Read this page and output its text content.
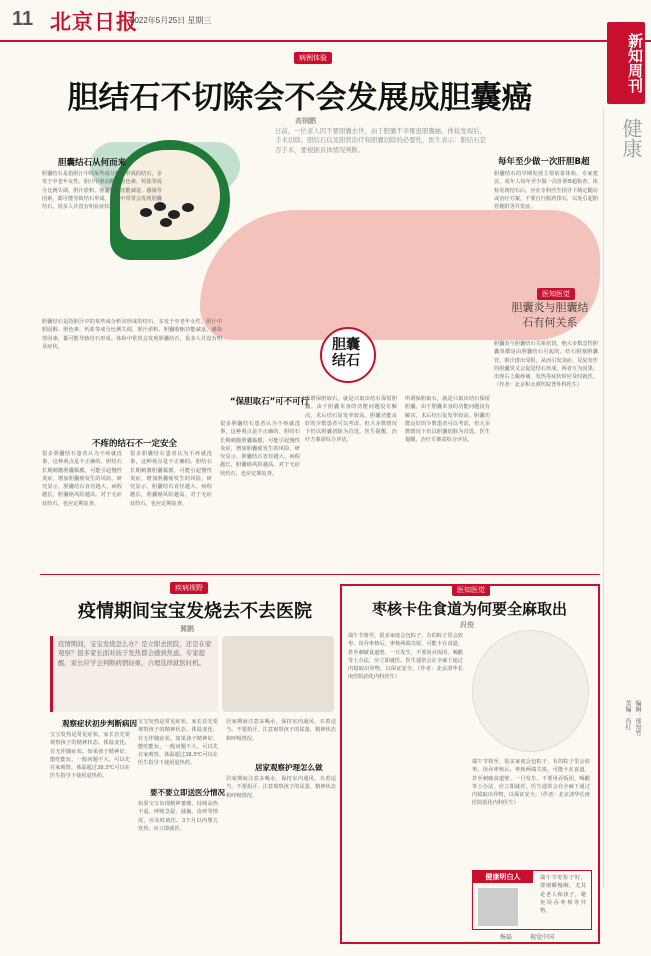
11 北京日报
2022年5月25日 星期三
新知周刊
健康
病例体验
胆结石不切除会不会发展成胆囊癌
高钢鹏
日前，一位老人因不要胆囊去世，由于胆囊不幸罹患胆囊癌，体检发现后，手术切除。胆结石以及胆管治疗和胆囊切除的必要性，医生表示：胆结石是否手术，要根据具体情况判断。
胆囊结石
胆囊结石从何而来
胆囊结石是指胆汁中的某些成分析出形成的结石，多发于中老年女性。胆汁中胆固醇、胆色素、钙盐等成分比例失调，胆汁淤积、胆囊收缩功能减退、感染等因素，都可能导致结石形成。体检中常常会发现胆囊结石，很多人并没有明显症状。
胆囊结石是指胆汁中的某些成分析出形成的结石，多发于中老年女性。胆汁中胆固醇、胆色素、钙盐等成分比例失调，胆汁淤积、胆囊收缩功能减退、感染等因素，都可能导致结石形成。体检中常常会发现胆囊结石，很多人并没有明显症状。
不疼的结石不一定安全
很多胆囊结石患者认为不疼就没事，这种观点是不正确的。胆结石长期刺激胆囊黏膜，可能引起慢性炎症，增加胆囊癌发生的风险。研究显示，胆囊结石直径越大、病程越长，胆囊癌风险越高。对于无症状结石，也应定期复查。
很多胆囊结石患者认为不疼就没事，这种观点是不正确的。胆结石长期刺激胆囊黏膜，可能引起慢性炎症，增加胆囊癌发生的风险。研究显示，胆囊结石直径越大、病程越长，胆囊癌风险越高。对于无症状结石，也应定期复查。
很多胆囊结石患者认为不疼就没事，这种观点是不正确的。胆结石长期刺激胆囊黏膜，可能引起慢性炎症，增加胆囊癌发生的风险。研究显示，胆囊结石直径越大、病程越长，胆囊癌风险越高。对于无症状结石，也应定期复查。
“保胆取石”可不可行
所谓保胆取石，就是只取出结石保留胆囊。由于胆囊本身的功能问题没有解决，术后结石复发率较高。胆囊功能良好的少数患者可以考虑，但大多数情况下仍以胆囊切除为首选。医生提醒，治疗方案需综合评估。
所谓保胆取石，就是只取出结石保留胆囊。由于胆囊本身的功能问题没有解决，术后结石复发率较高。胆囊功能良好的少数患者可以考虑，但大多数情况下仍以胆囊切除为首选。医生提醒，治疗方案需综合评估。
每年至少做一次肝胆B超
胆囊结石的早期发现主要依靠体检。专家建议，成年人每年至少做一次肝胆B超检查。体检发现结石后，应在专科医生指导下制定随访或治疗方案，不要自行服药排石，以免引起胆管梗阻等并发症。
医知医觉
胆囊炎与胆囊结石有何关系
胆囊炎与胆囊结石关系密切。绝大多数急性胆囊炎都是由胆囊结石引起的，结石阻塞胆囊管，胆汁排出受阻，从而引发炎症。反复发作的胆囊炎又会促进结石形成，两者互为因果。出现右上腹疼痛、发热等症状时应及时就医。（作者：北京积水潭医院普外科医生）
疾病视野
疫情期间宝宝发烧去不去医院
冀鹏
疫情期间，宝宝发烧怎么办？是立即去医院，还是在家观察？很多家长面对孩子发热都会感到焦虑。专家提醒，家长应学会判断病情轻重，合理选择就医时机。
观察症状初步判断病因
宝宝发热是常见症状。家长首先要观察孩子的精神状态、体温变化、有无伴随症状。如果孩子精神好、能吃能玩，一般问题不大，可以先在家观察。体温超过38.5℃可以在医生指导下使用退热药。
宝宝发热是常见症状。家长首先要观察孩子的精神状态、体温变化、有无伴随症状。如果孩子精神好、能吃能玩，一般问题不大，可以先在家观察。体温超过38.5℃可以在医生指导下使用退热药。
要不要立即送医分情况
如果宝宝出现精神萎靡、持续高热不退、呼吸急促、抽搐、皮疹等情况，应及时就医。3个月以内婴儿发热，应立即就医。
居家期间注意多喝水，保持室内通风，衣着适当，不要捂汗。注意观察孩子的尿量、精神状态和呼吸情况。
居家观察护理怎么做
居家期间注意多喝水，保持室内通风，衣着适当，不要捂汗。注意观察孩子的尿量、精神状态和呼吸情况。
医知医觉
枣核卡住食道为何要全麻取出
段俊
端午节将至，很多家庭会包粽子，有的粽子里会放枣。误吞枣核后，枣核两端尖锐，可能卡在食道，甚至刺破食道壁。一旦发生，不要用吞饭团、喝醋等土办法，应立即就医。医生通常会在全麻下通过内镜取出异物，以保证安全。（作者：北京清华长庚医院消化内科医生）
端午节将至，很多家庭会包粽子，有的粽子里会放枣。误吞枣核后，枣核两端尖锐，可能卡在食道，甚至刺破食道壁。一旦发生，不要用吞饭团、喝醋等土办法，应立即就医。医生通常会在全麻下通过内镜取出异物，以保证安全。（作者：北京清华长庚医院消化内科医生）
健康明白人	端午节吃粽子时，要细嚼慢咽，尤其是老人和孩子，避免误吞枣核等异物。
杨磊	视觉中国
编辑：邢知竹
美编：肖红
